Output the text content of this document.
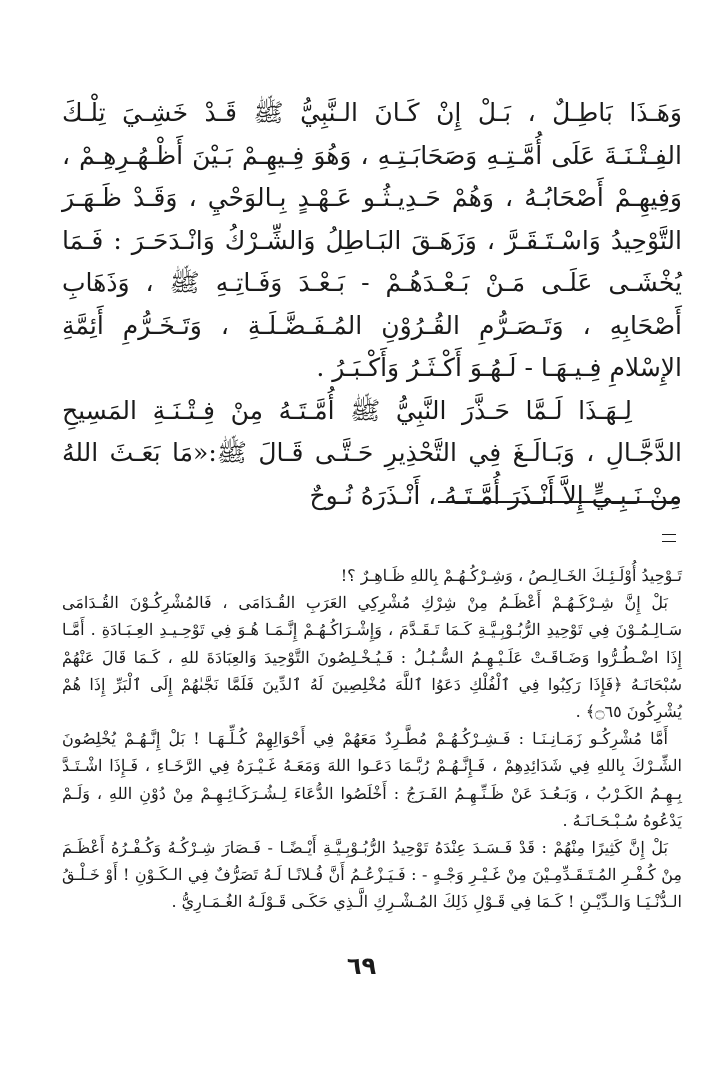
وَهَـذَا بَاطِـلٌ ، بَـلْ إِنْ كَـانَ الـنَّبِيُّ ﷺ قَـدْ خَشِـيَ تِلْـكَ الفِـتْـنَـةَ عَلَى أُمَّـتِـهِ وَصَحَابَـتِـهِ ، وَهُوَ فِـيهِـمْ بَـيْنَ أَظْـهُـرِهِـمْ ، وَفِيهِـمْ أَصْحَابُـهُ ، وَهُمْ حَـدِيـثُـو عَـهْـدٍ بِـالوَحْيِ ، وَقَـدْ ظَـهَـرَ التَّوْحِيدُ وَاسْـتَـقَـرَّ ، وَزَهَـقَ البَـاطِلُ وَالشِّـرْكُ وَانْـدَحَـرَ : فَـمَا يُخْشَـى عَلَـى مَـنْ بَـعْـدَهُـمْ - بَـعْـدَ وَفَـاتِـهِ ﷺ ، وَذَهَابِ أَصْحَابِهِ ، وَتَـصَـرُّمِ القُـرُوْنِ المُـفَـضَّـلَـةِ ، وَتَـخَـرُّمِ أَئِمَّةِ الإِسْلامِ فِـيـهَـا - لَـهُـوَ أَكْـثَـرُ وَأَكْـبَـرُ .

لِـهَـذَا لَـمَّا حَـذَّرَ النَّبِيُّ ﷺ أُمَّـتَـهُ مِنْ فِـتْـنَـةِ المَسِيحِ الدَّجَّـالِ ، وَبَـالَـغَ فِي التَّحْذِيرِ حَـتَّـى قَـالَ ﷺ:«مَا بَعَـثَ اللهُ مِنْ نَـبِـيٍّ إِلاَّ أَنْـذَرَ أُمَّـتَـهُ ، أَنْـذَرَهُ نُـوحٌ

تَـوْحِيدُ أُوْلَـئِـكَ الخَـالِـصُ ، وَشِـرْكُـهُـمْ بِاللهِ ظَـاهِـرٌ ؟!

بَلْ إِنَّ شِـرْكَـهُـمْ أَعْظَـمُ مِنْ شِرْكِ مُشْرِكِي العَرَبِ القُـدَامَى ، فَالمُشْرِكُـوْنَ القُـدَامَى سَـالِـمُـوْنَ فِي تَوْحِيدِ الرُّبُـوْبِـيَّـةِ كَـمَا تَـقَـدَّمَ ، وَإِشْـرَاكُـهُـمْ إِنَّـمَـا هُـوَ فِي تَوْحِـيـدِ العِـبَـادَةِ . أَمَّـا إِذَا اضْـطُـرُّوا وَضَـاقَـتْ عَلَـيْـهِـمُ السُّـبُـلُ : فَـيُـخْـلِصُونَ التَّوْحِيدَ وَالعِبَادَةَ للهِ ، كَـمَا قَالَ عَنْهُمْ سُبْحَانَـهُ ﴿فَإِذَا رَكِبُوا فِي ٱلْفُلْكِ دَعَوُا ٱللَّهَ مُخْلِصِينَ لَهُ ٱلدِّينَ فَلَمَّا نَجَّىٰهُمْ إِلَى ٱلْبَرِّ إِذَا هُمْ يُشْرِكُونَ ۝٦٥﴾ .

أَمَّا مُشْرِكُـو زَمَـانِـنَـا : فَـشِـرْكُـهُـمْ مُطَّـرِدٌ مَعَهُمْ فِي أَحْوَالِهِمْ كُـلِّـهَـا ! بَلْ إِنَّـهُـمْ يُخْلِصُونَ الشِّـرْكَ بِاللهِ فِي شَدَائِدِهِمْ ، فَـإِنَّـهُـمْ رُبَّـمَا دَعَـوا اللهَ وَمَعَـهُ غَـيْـرَهُ فِي الرَّخَـاءِ ، فَـإِذَا اشْـتَـدَّ بِـهِـمُ الكَـرْبُ ، وَبَـعُـدَ عَنْ ظَـنِّـهِـمُ الفَـرَجُ : أَخْلَصُوا الدُّعَاءَ لِـشُـرَكَـائِـهِـمْ مِنْ دُوْنِ اللهِ ، وَلَـمْ يَدْعُوهُ سُـبْـحَـانَـهُ .

بَلْ إِنَّ كَثِيرًا مِنْهُمْ : قَدْ فَـسَـدَ عِنْدَهُ تَوْحِيدُ الرُّبُـوْبِـيَّـةِ أَيْـضًـا - فَـصَارَ شِـرْكُـهُ وَكُـفْـرُهُ أَعْظَـمَ مِنْ كُـفْـرِ المُـتَـقَـدِّمِـيْنَ مِنْ غَـيْـرِ وَجْـهٍ - : فَـيَـزْعُـمُ أَنَّ فُـلانًـا لَـهُ تَصَرُّفٌ فِي الـكَـوْنِ ! أَوْ خَـلْـقُ الـدُّنْـيَـا وَالـدِّيْـنِ ! كَـمَا فِي قَـوْلِ ذَلِكَ المُـشْـرِكِ الَّـذِي حَكَـى قَـوْلَـهُ الغُـمَـارِيُّ .

٦٩
